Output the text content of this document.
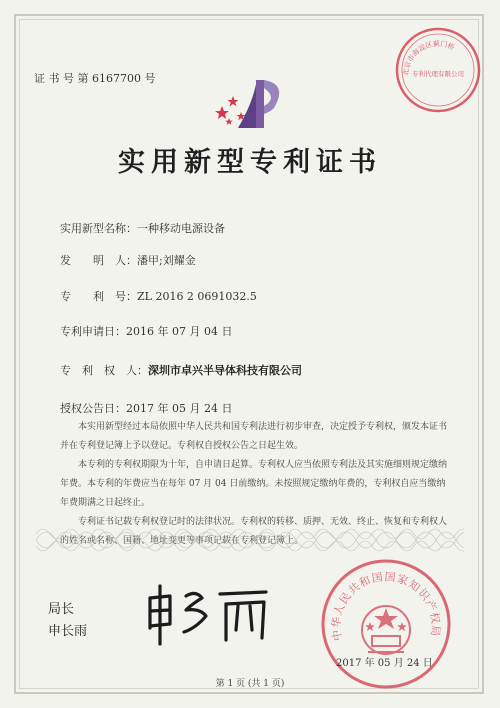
证 书 号 第 6167700 号	北京市海淀区蓟门桥
专利代理有限公司
实用新型专利证书
实用新型名称：一种移动电源设备
发　　明　人：潘甲;刘耀金
专　　利　号：ZL 2016 2 0691032.5
专利申请日：2016 年 07 月 04 日
专　利　权　人：深圳市卓兴半导体科技有限公司
授权公告日：2017 年 05 月 24 日

本实用新型经过本局依照中华人民共和国专利法进行初步审查，决定授予专利权，颁发本证书并在专利登记簿上予以登记。专利权自授权公告之日起生效。

本专利的专利权期限为十年，自申请日起算。专利权人应当依照专利法及其实施细则规定缴纳年费。本专利的年费应当在每年 07 月 04 日前缴纳。未按照规定缴纳年费的，专利权自应当缴纳年费期满之日起终止。

专利证书记载专利权登记时的法律状况。专利权的转移、质押、无效、终止、恢复和专利权人的姓名或名称、国籍、地址变更等事项记载在专利登记簿上。

局长
申长雨	中华人民共和国国家知识产权局
2017 年 05 月 24 日
第 1 页 (共 1 页)
